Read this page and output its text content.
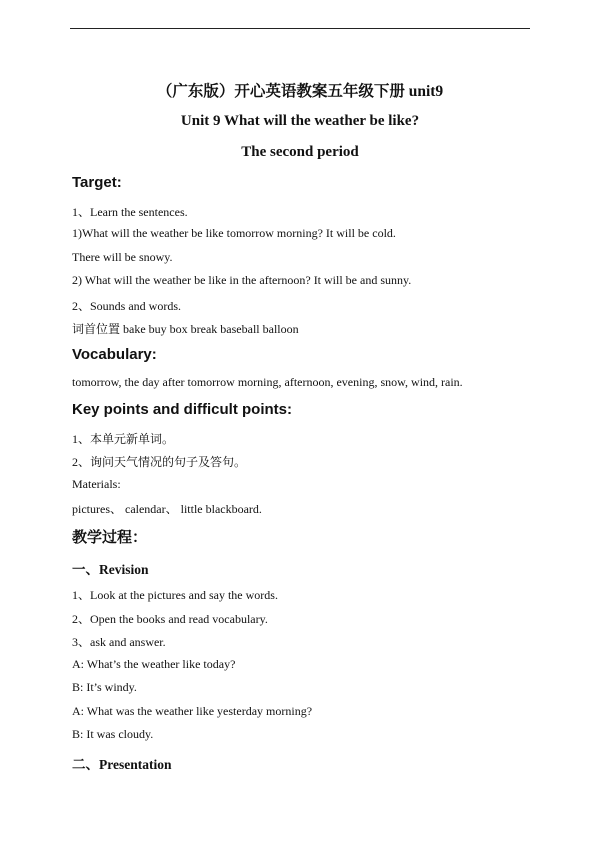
（广东版）开心英语教案五年级下册 unit9
Unit 9 What will the weather be like?
The second period
Target:
1、Learn the sentences.
1)What will the weather be like tomorrow morning? It will be cold.
There will be snowy.
2) What will the weather be like in the afternoon? It will be and sunny.
2、Sounds and words.
词首位置 bake buy box break baseball balloon
Vocabulary:
tomorrow, the day after tomorrow morning, afternoon, evening, snow, wind, rain.
Key points and difficult points:
1、本单元新单词。
2、询问天气情况的句子及答句。
Materials:
pictures、 calendar、 little blackboard.
教学过程：
一、Revision
1、Look at the pictures and say the words.
2、Open the books and read vocabulary.
3、ask and answer.
A: What’s the weather like today?
B: It’s windy.
A: What was the weather like yesterday morning?
B: It was cloudy.
二、Presentation
